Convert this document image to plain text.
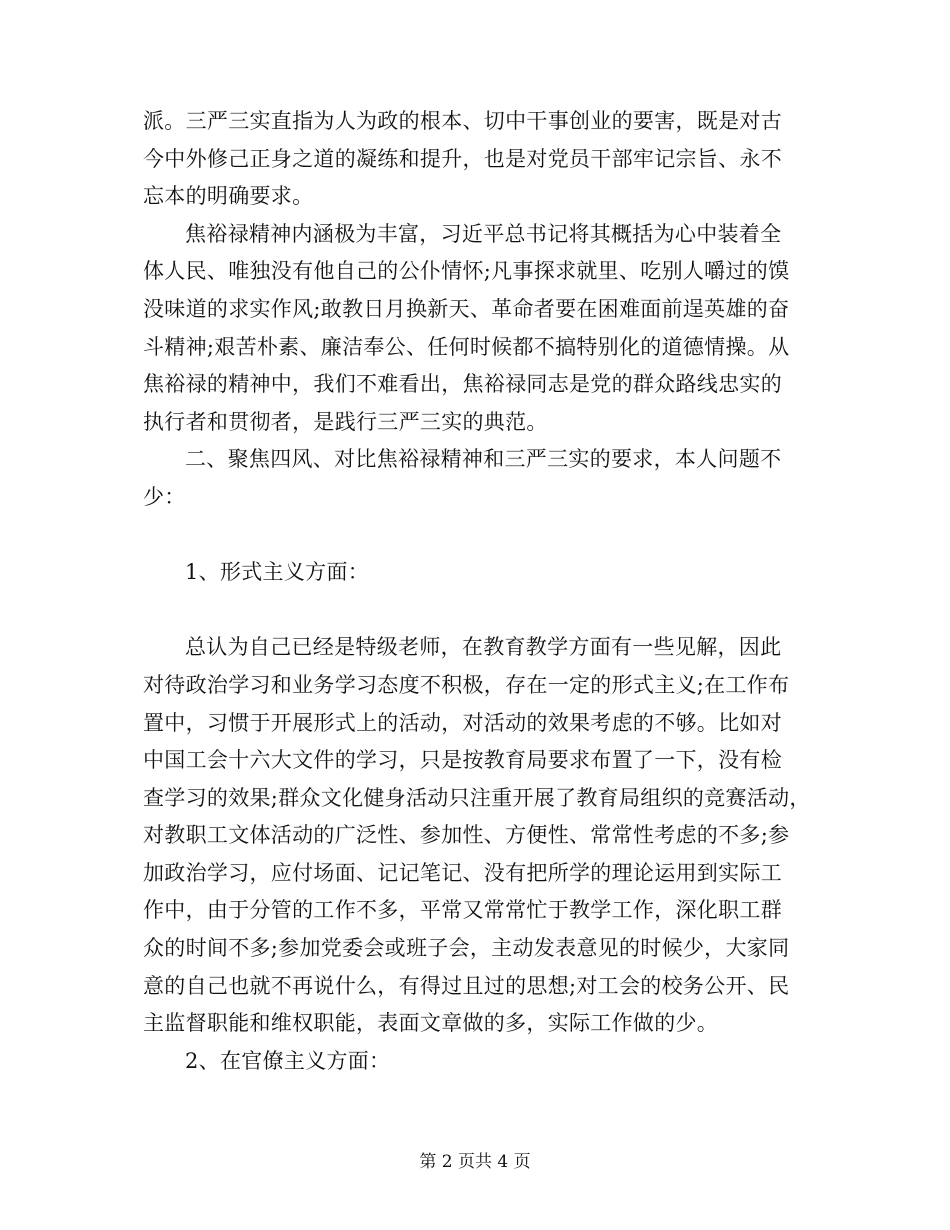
派。三严三实直指为人为政的根本、切中干事创业的要害，既是对古
今中外修己正身之道的凝练和提升，也是对党员干部牢记宗旨、永不
忘本的明确要求。
焦裕禄精神内涵极为丰富，习近平总书记将其概括为心中装着全
体人民、唯独没有他自己的公仆情怀;凡事探求就里、吃别人嚼过的馍
没味道的求实作风;敢教日月换新天、革命者要在困难面前逞英雄的奋
斗精神;艰苦朴素、廉洁奉公、任何时候都不搞特别化的道德情操。从
焦裕禄的精神中，我们不难看出，焦裕禄同志是党的群众路线忠实的
执行者和贯彻者，是践行三严三实的典范。
二、聚焦四风、对比焦裕禄精神和三严三实的要求，本人问题不
少：
1、形式主义方面：
总认为自己已经是特级老师，在教育教学方面有一些见解，因此
对待政治学习和业务学习态度不积极，存在一定的形式主义;在工作布
置中，习惯于开展形式上的活动，对活动的效果考虑的不够。比如对
中国工会十六大文件的学习，只是按教育局要求布置了一下，没有检
查学习的效果;群众文化健身活动只注重开展了教育局组织的竞赛活动，
对教职工文体活动的广泛性、参加性、方便性、常常性考虑的不多;参
加政治学习，应付场面、记记笔记、没有把所学的理论运用到实际工
作中，由于分管的工作不多，平常又常常忙于教学工作，深化职工群
众的时间不多;参加党委会或班子会，主动发表意见的时候少，大家同
意的自己也就不再说什么，有得过且过的思想;对工会的校务公开、民
主监督职能和维权职能，表面文章做的多，实际工作做的少。
2、在官僚主义方面：
第 2 页共 4 页
